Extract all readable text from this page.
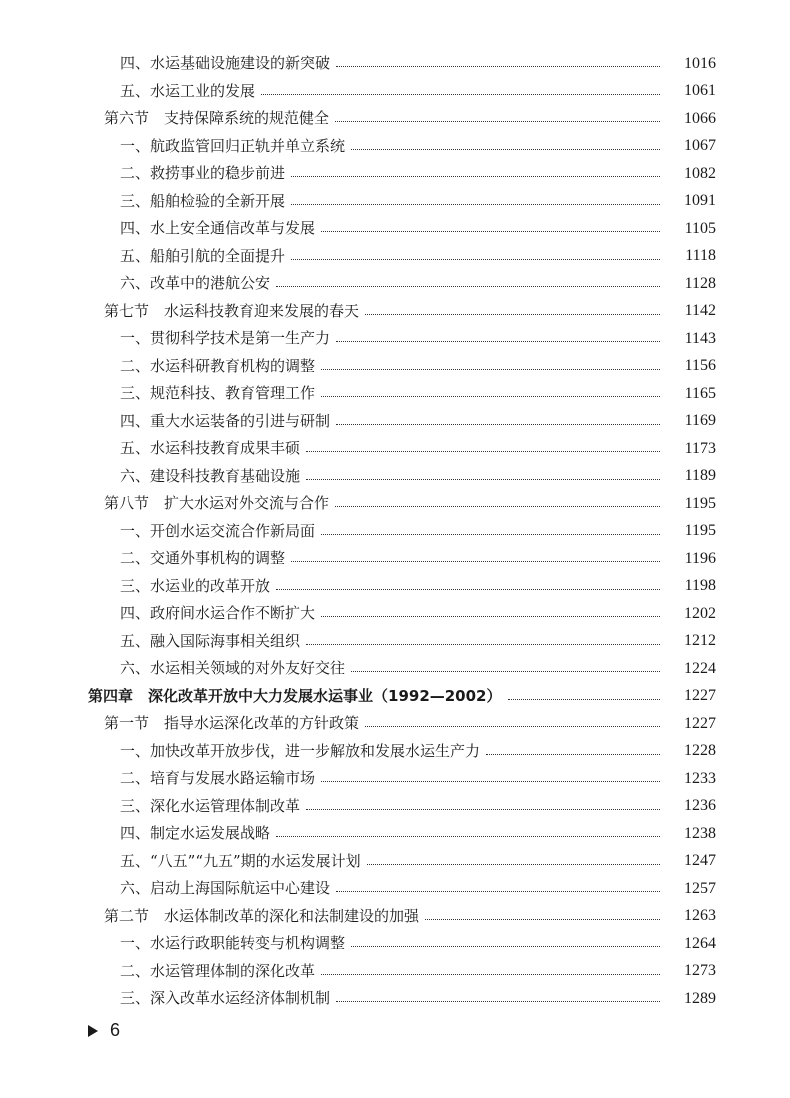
四、水运基础设施建设的新突破	1016
五、水运工业的发展	1061
第六节　支持保障系统的规范健全	1066
一、航政监管回归正轨并单立系统	1067
二、救捞事业的稳步前进	1082
三、船舶检验的全新开展	1091
四、水上安全通信改革与发展	1105
五、船舶引航的全面提升	1118
六、改革中的港航公安	1128
第七节　水运科技教育迎来发展的春天	1142
一、贯彻科学技术是第一生产力	1143
二、水运科研教育机构的调整	1156
三、规范科技、教育管理工作	1165
四、重大水运装备的引进与研制	1169
五、水运科技教育成果丰硕	1173
六、建设科技教育基础设施	1189
第八节　扩大水运对外交流与合作	1195
一、开创水运交流合作新局面	1195
二、交通外事机构的调整	1196
三、水运业的改革开放	1198
四、政府间水运合作不断扩大	1202
五、融入国际海事相关组织	1212
六、水运相关领域的对外友好交往	1224
第四章　深化改革开放中大力发展水运事业（1992—2002）	1227
第一节　指导水运深化改革的方针政策	1227
一、加快改革开放步伐，进一步解放和发展水运生产力	1228
二、培育与发展水路运输市场	1233
三、深化水运管理体制改革	1236
四、制定水运发展战略	1238
五、“八五”“九五”期的水运发展计划	1247
六、启动上海国际航运中心建设	1257
第二节　水运体制改革的深化和法制建设的加强	1263
一、水运行政职能转变与机构调整	1264
二、水运管理体制的深化改革	1273
三、深入改革水运经济体制机制	1289
6
